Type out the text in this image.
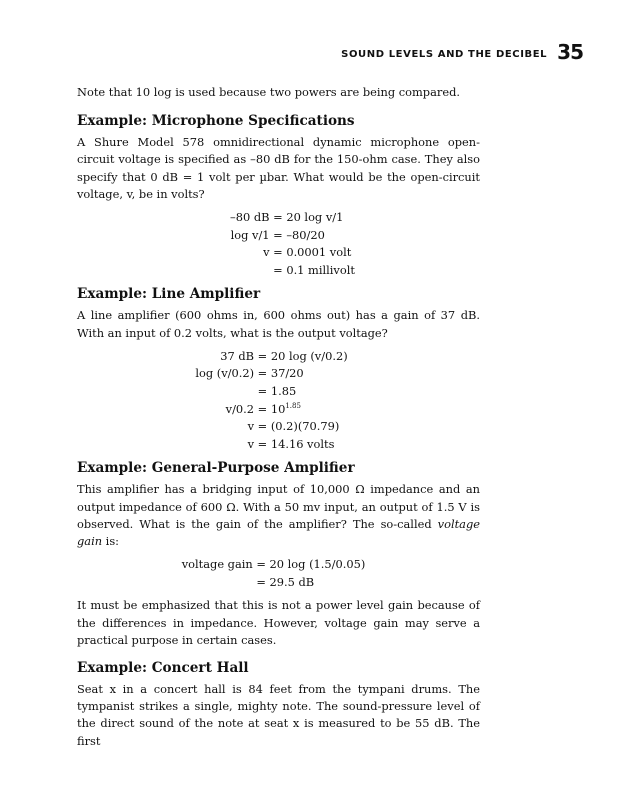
SOUND LEVELS AND THE DECIBEL 35

Note that 10 log is used because two powers are being compared.

Example: Microphone Specifications

A Shure Model 578 omnidirectional dynamic microphone open-circuit voltage is specified as –80 dB for the 150-ohm case. They also specify that 0 dB = 1 volt per µbar. What would be the open-circuit voltage, v, be in volts?

–80 dB = 20 log v/1
log v/1 = –80/20
v = 0.0001 volt
= 0.1 millivolt
Example: Line Amplifier

A line amplifier (600 ohms in, 600 ohms out) has a gain of 37 dB. With an input of 0.2 volts, what is the output voltage?

37 dB = 20 log (v/0.2)
log (v/0.2) = 37/20
= 1.85
$v/0.2 = 10^{1.85}$
v = (0.2)(70.79)
v = 14.16 volts
Example: General-Purpose Amplifier

This amplifier has a bridging input of 10,000 Ω impedance and an output impedance of 600 Ω. With a 50 mv input, an output of 1.5 V is observed. What is the gain of the amplifier? The so-called voltage gain is:

voltage gain = 20 log (1.5/0.05)
= 29.5 dB

It must be emphasized that this is not a power level gain because of the differences in impedance. However, voltage gain may serve a practical purpose in certain cases.

Example: Concert Hall

Seat x in a concert hall is 84 feet from the tympani drums. The tympanist strikes a single, mighty note. The sound-pressure level of the direct sound of the note at seat x is measured to be 55 dB. The first
